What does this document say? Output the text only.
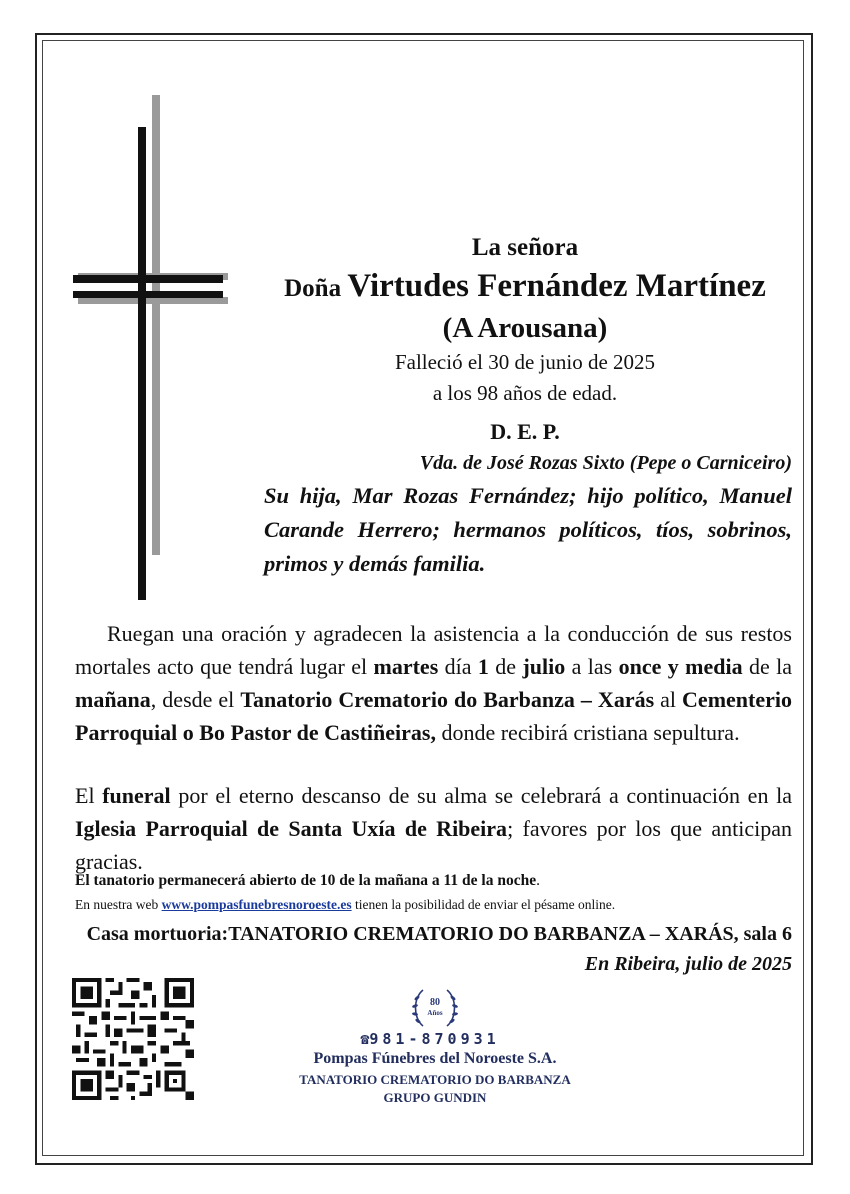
La señora
Doña Virtudes Fernández Martínez
(A Arousana)
Falleció el 30 de junio de 2025
a los 98 años de edad.
D. E. P.
Vda. de José Rozas Sixto (Pepe o Carniceiro)
Su hija, Mar Rozas Fernández; hijo político, Manuel Carande Herrero; hermanos políticos, tíos, sobrinos, primos y demás familia.
Ruegan una oración y agradecen la asistencia a la conducción de sus restos mortales acto que tendrá lugar el martes día 1 de julio a las once y media de la mañana, desde el Tanatorio Crematorio do Barbanza – Xarás al Cementerio Parroquial o Bo Pastor de Castiñeiras, donde recibirá cristiana sepultura.
El funeral por el eterno descanso de su alma se celebrará a continuación en la Iglesia Parroquial de Santa Uxía de Ribeira; favores por los que anticipan gracias.
El tanatorio permanecerá abierto de 10 de la mañana a 11 de la noche.
En nuestra web www.pompasfunebresnoroeste.es tienen la posibilidad de enviar el pésame online.
Casa mortuoria:TANATORIO CREMATORIO DO BARBANZA – XARÁS, sala 6
En Ribeira, julio de 2025
80
Años
☎981-870931
Pompas Fúnebres del Noroeste S.A.
TANATORIO CREMATORIO DO BARBANZA
GRUPO GUNDIN
